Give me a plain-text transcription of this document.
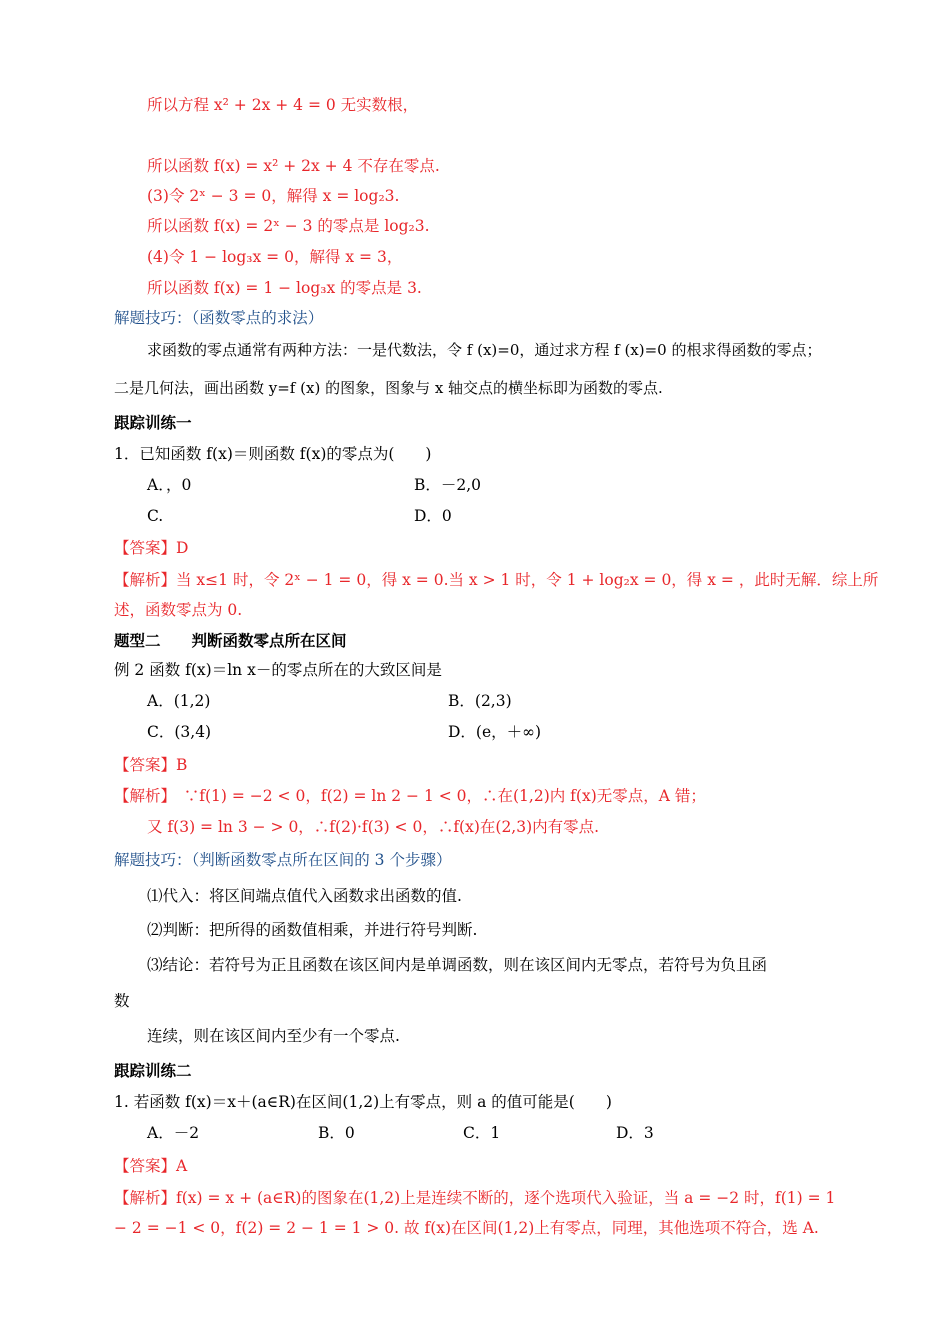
所以方程 x² + 2x + 4 = 0 无实数根，
所以函数 f(x) = x² + 2x + 4 不存在零点.
(3)令 2ˣ − 3 = 0，解得 x = log₂3.
所以函数 f(x) = 2ˣ − 3 的零点是 log₂3.
(4)令 1 − log₃x = 0，解得 x = 3，
所以函数 f(x) = 1 − log₃x 的零点是 3.
解题技巧：（函数零点的求法）
求函数的零点通常有两种方法：一是代数法，令 f (x)=0，通过求方程 f (x)=0 的根求得函数的零点；
二是几何法，画出函数 y=f (x) 的图象，图象与 x 轴交点的横坐标即为函数的零点.
跟踪训练一
1．已知函数 f(x)＝则函数 f(x)的零点为(　　)
A．，0	B．－2,0
C.	D．0
【答案】D
【解析】当 x≤1 时，令 2ˣ − 1 = 0，得 x = 0.当 x > 1 时，令 1 + log₂x = 0，得 x = ，此时无解．综上所
述，函数零点为 0.
题型二　　判断函数零点所在区间
例 2 函数 f(x)＝ln x－的零点所在的大致区间是
A．(1,2)	B．(2,3)
C．(3,4)	D．(e，＋∞)
【答案】B
【解析】　∵f(1) = −2 < 0，f(2) = ln 2 − 1 < 0，∴在(1,2)内 f(x)无零点，A 错；
又 f(3) = ln 3 − > 0，∴f(2)·f(3) < 0，∴f(x)在(2,3)内有零点.
解题技巧：（判断函数零点所在区间的 3 个步骤）
⑴代入：将区间端点值代入函数求出函数的值.
⑵判断：把所得的函数值相乘，并进行符号判断.
⑶结论：若符号为正且函数在该区间内是单调函数，则在该区间内无零点，若符号为负且函
数
连续，则在该区间内至少有一个零点.
跟踪训练二
1. 若函数 f(x)＝x＋(a∈R)在区间(1,2)上有零点，则 a 的值可能是(　　)
A．－2	B．0	C．1	D．3
【答案】A
【解析】f(x) = x + (a∈R)的图象在(1,2)上是连续不断的，逐个选项代入验证，当 a = −2 时，f(1) = 1
− 2 = −1 < 0，f(2) = 2 − 1 = 1 > 0. 故 f(x)在区间(1,2)上有零点，同理，其他选项不符合，选 A.
